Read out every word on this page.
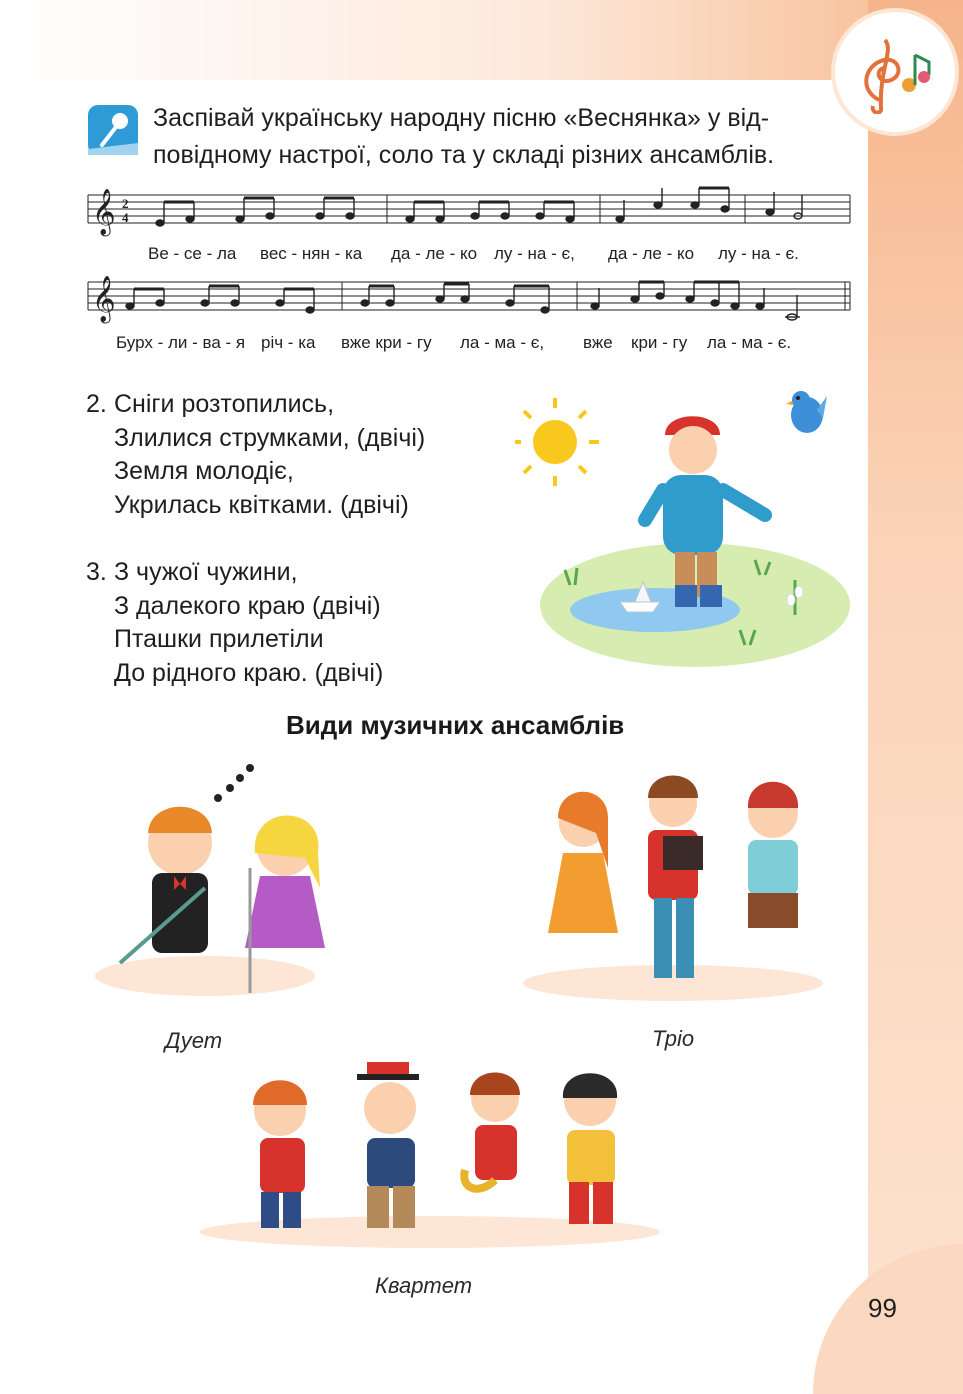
Заспівай українську народну пісню «Веснянка» у від-
повідному настрої, соло та у складі різних ансамблів.
𝄞
𝄞
2
4
Ве - се - ла вес - нян - ка да - ле - ко лу - на - є, да - ле - ко лу - на - є.
Бурх - ли - ва - я річ - ка вже кри - гу ла - ма - є, вже кри - гу ла - ма - є.
2. Сніги розтопились,
Злилися струмками, (двічі)
Земля молодіє,
Укрилась квітками. (двічі)
3. З чужої чужини,
З далекого краю (двічі)
Пташки прилетіли
До рідного краю. (двічі)
Види музичних ансамблів
Дует	Тріо
Квартет
99
